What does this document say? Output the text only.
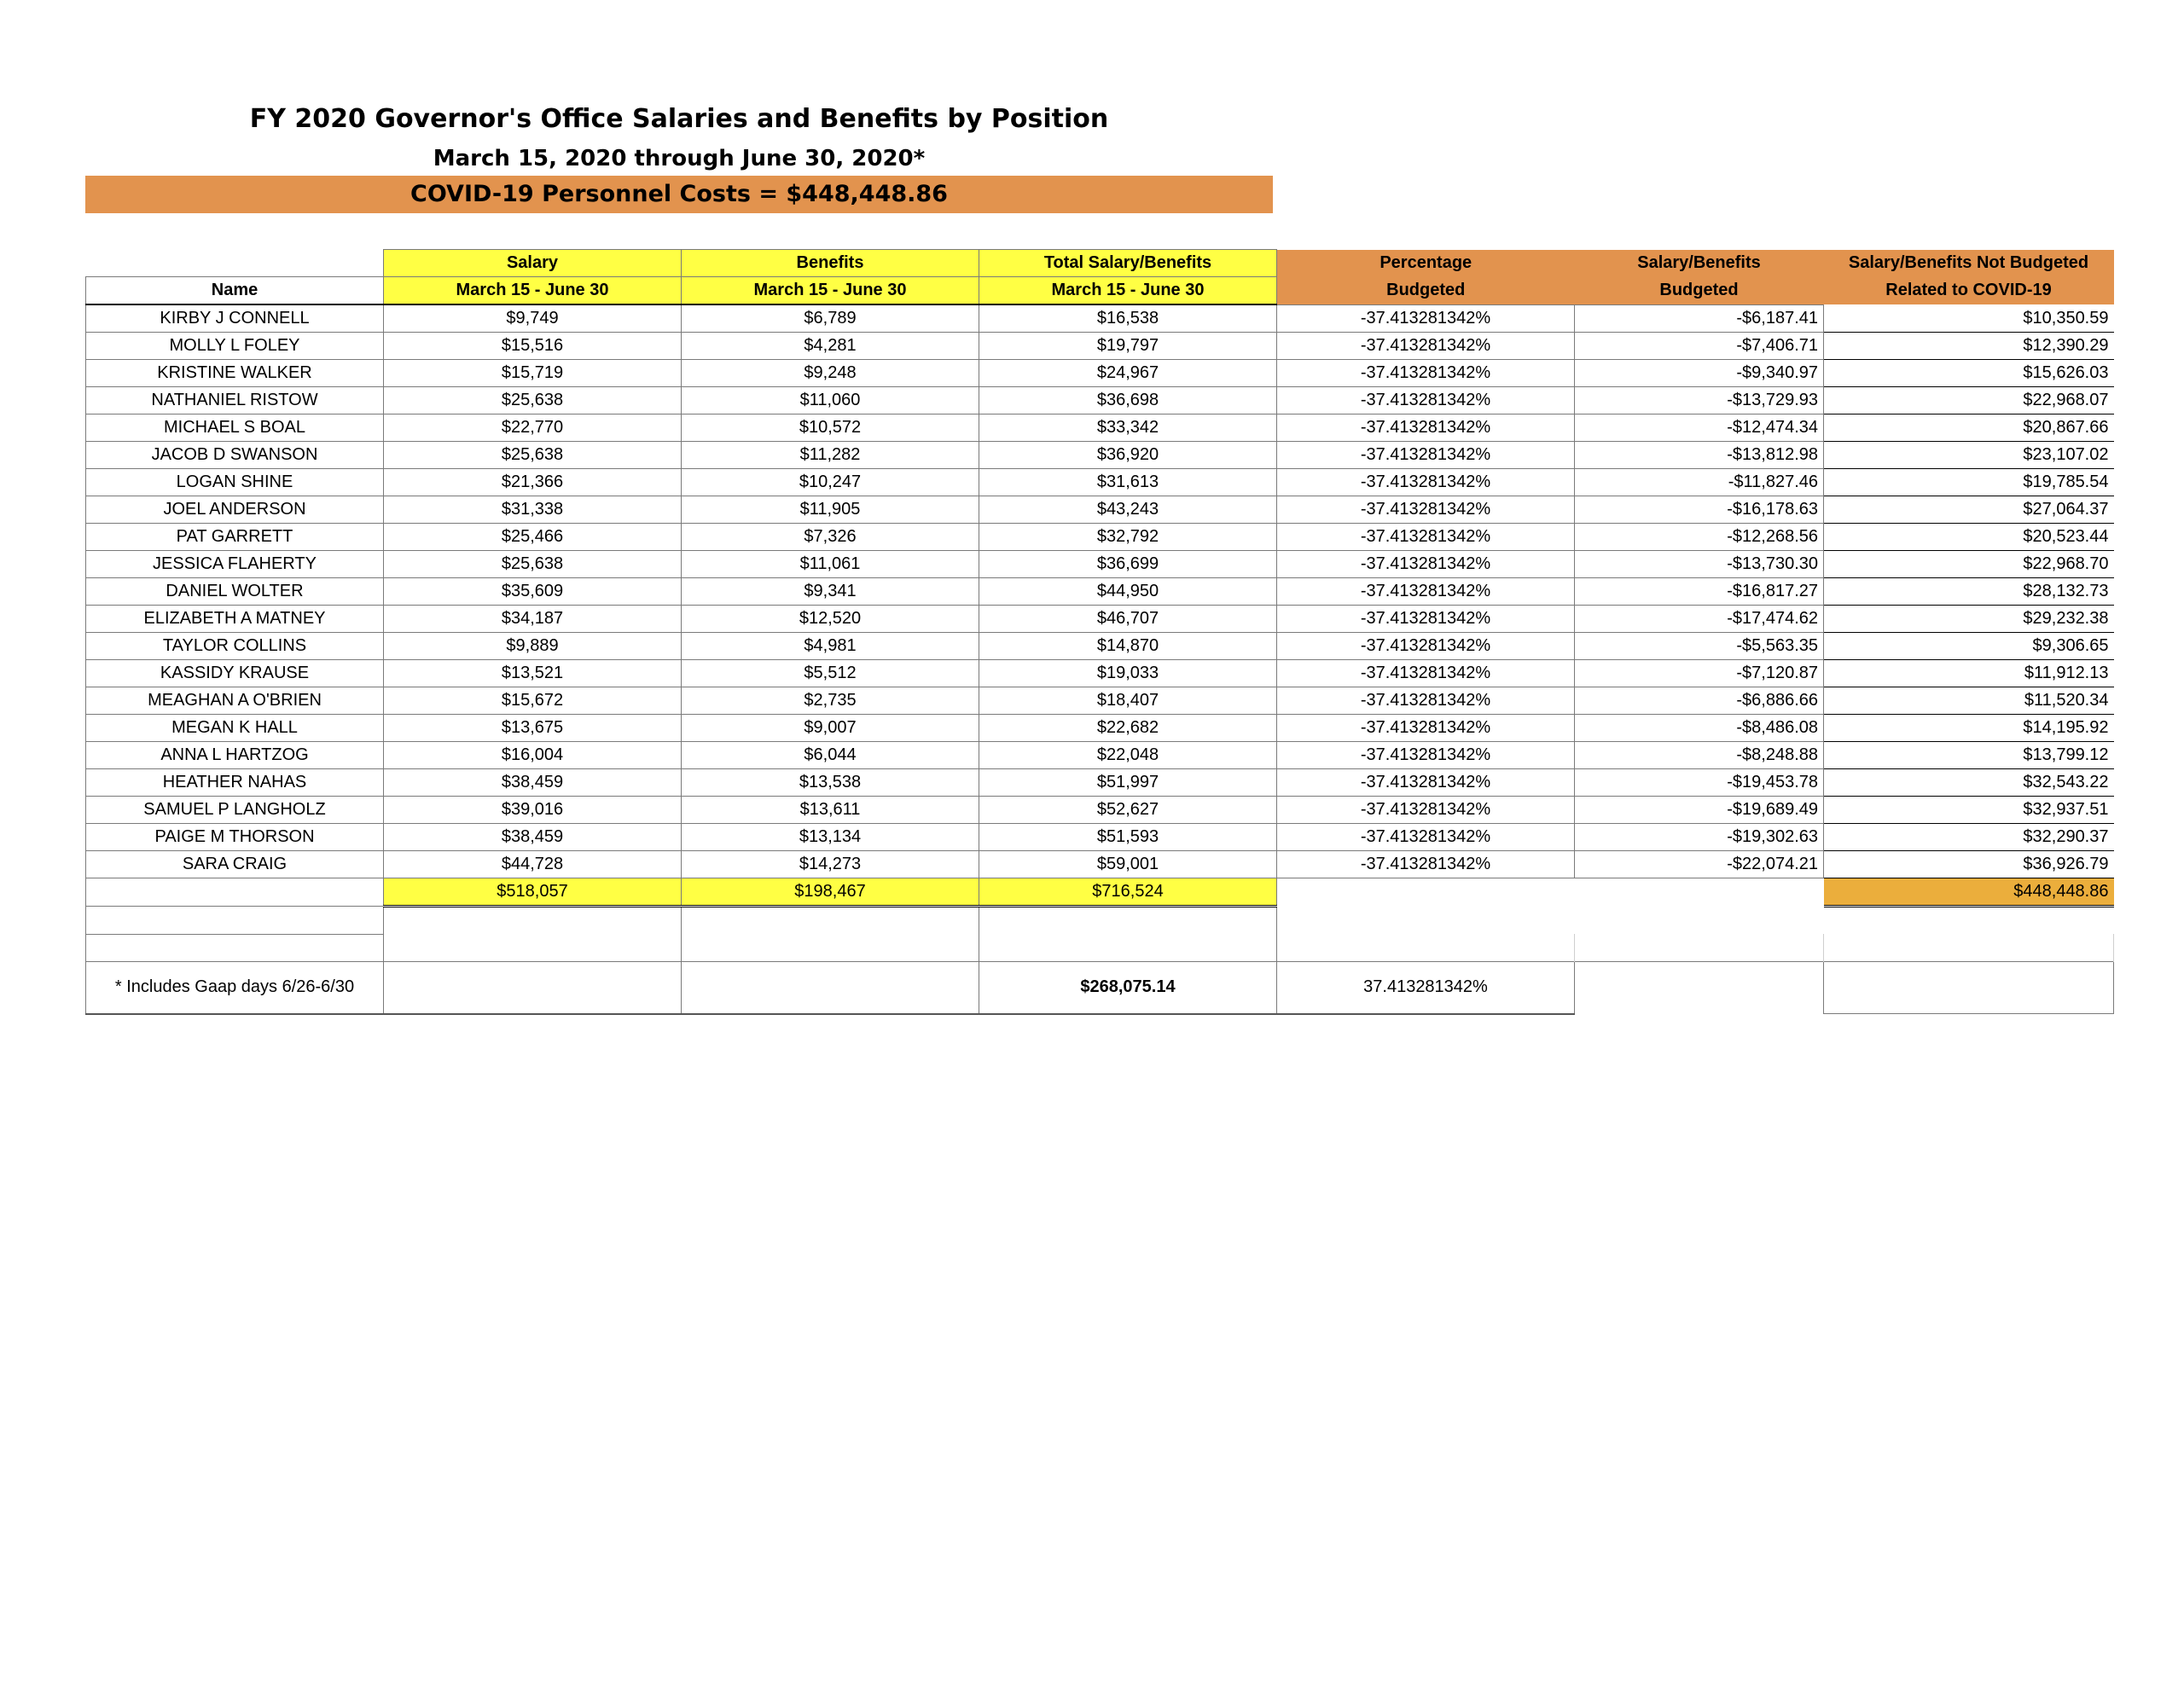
FY 2020 Governor's Office Salaries and Benefits by Position
March 15, 2020 through June 30, 2020*
COVID-19 Personnel Costs = $448,448.86
	Salary	Benefits	Total Salary/Benefits	Percentage	Salary/Benefits	Salary/Benefits Not Budgeted
Name	March 15 - June 30	March 15 - June 30	March 15 - June 30	Budgeted	Budgeted	Related to COVID-19
KIRBY J CONNELL	$9,749	$6,789	$16,538	-37.413281342%	-$6,187.41	$10,350.59
MOLLY L FOLEY	$15,516	$4,281	$19,797	-37.413281342%	-$7,406.71	$12,390.29
KRISTINE WALKER	$15,719	$9,248	$24,967	-37.413281342%	-$9,340.97	$15,626.03
NATHANIEL RISTOW	$25,638	$11,060	$36,698	-37.413281342%	-$13,729.93	$22,968.07
MICHAEL S BOAL	$22,770	$10,572	$33,342	-37.413281342%	-$12,474.34	$20,867.66
JACOB D SWANSON	$25,638	$11,282	$36,920	-37.413281342%	-$13,812.98	$23,107.02
LOGAN SHINE	$21,366	$10,247	$31,613	-37.413281342%	-$11,827.46	$19,785.54
JOEL ANDERSON	$31,338	$11,905	$43,243	-37.413281342%	-$16,178.63	$27,064.37
PAT GARRETT	$25,466	$7,326	$32,792	-37.413281342%	-$12,268.56	$20,523.44
JESSICA FLAHERTY	$25,638	$11,061	$36,699	-37.413281342%	-$13,730.30	$22,968.70
DANIEL WOLTER	$35,609	$9,341	$44,950	-37.413281342%	-$16,817.27	$28,132.73
ELIZABETH A MATNEY	$34,187	$12,520	$46,707	-37.413281342%	-$17,474.62	$29,232.38
TAYLOR COLLINS	$9,889	$4,981	$14,870	-37.413281342%	-$5,563.35	$9,306.65
KASSIDY KRAUSE	$13,521	$5,512	$19,033	-37.413281342%	-$7,120.87	$11,912.13
MEAGHAN A O'BRIEN	$15,672	$2,735	$18,407	-37.413281342%	-$6,886.66	$11,520.34
MEGAN K HALL	$13,675	$9,007	$22,682	-37.413281342%	-$8,486.08	$14,195.92
ANNA L HARTZOG	$16,004	$6,044	$22,048	-37.413281342%	-$8,248.88	$13,799.12
HEATHER NAHAS	$38,459	$13,538	$51,997	-37.413281342%	-$19,453.78	$32,543.22
SAMUEL P LANGHOLZ	$39,016	$13,611	$52,627	-37.413281342%	-$19,689.49	$32,937.51
PAIGE M THORSON	$38,459	$13,134	$51,593	-37.413281342%	-$19,302.63	$32,290.37
SARA CRAIG	$44,728	$14,273	$59,001	-37.413281342%	-$22,074.21	$36,926.79
	$518,057	$198,467	$716,524			$448,448.86

* Includes Gaap days 6/26-6/30			$268,075.14	37.413281342%		
